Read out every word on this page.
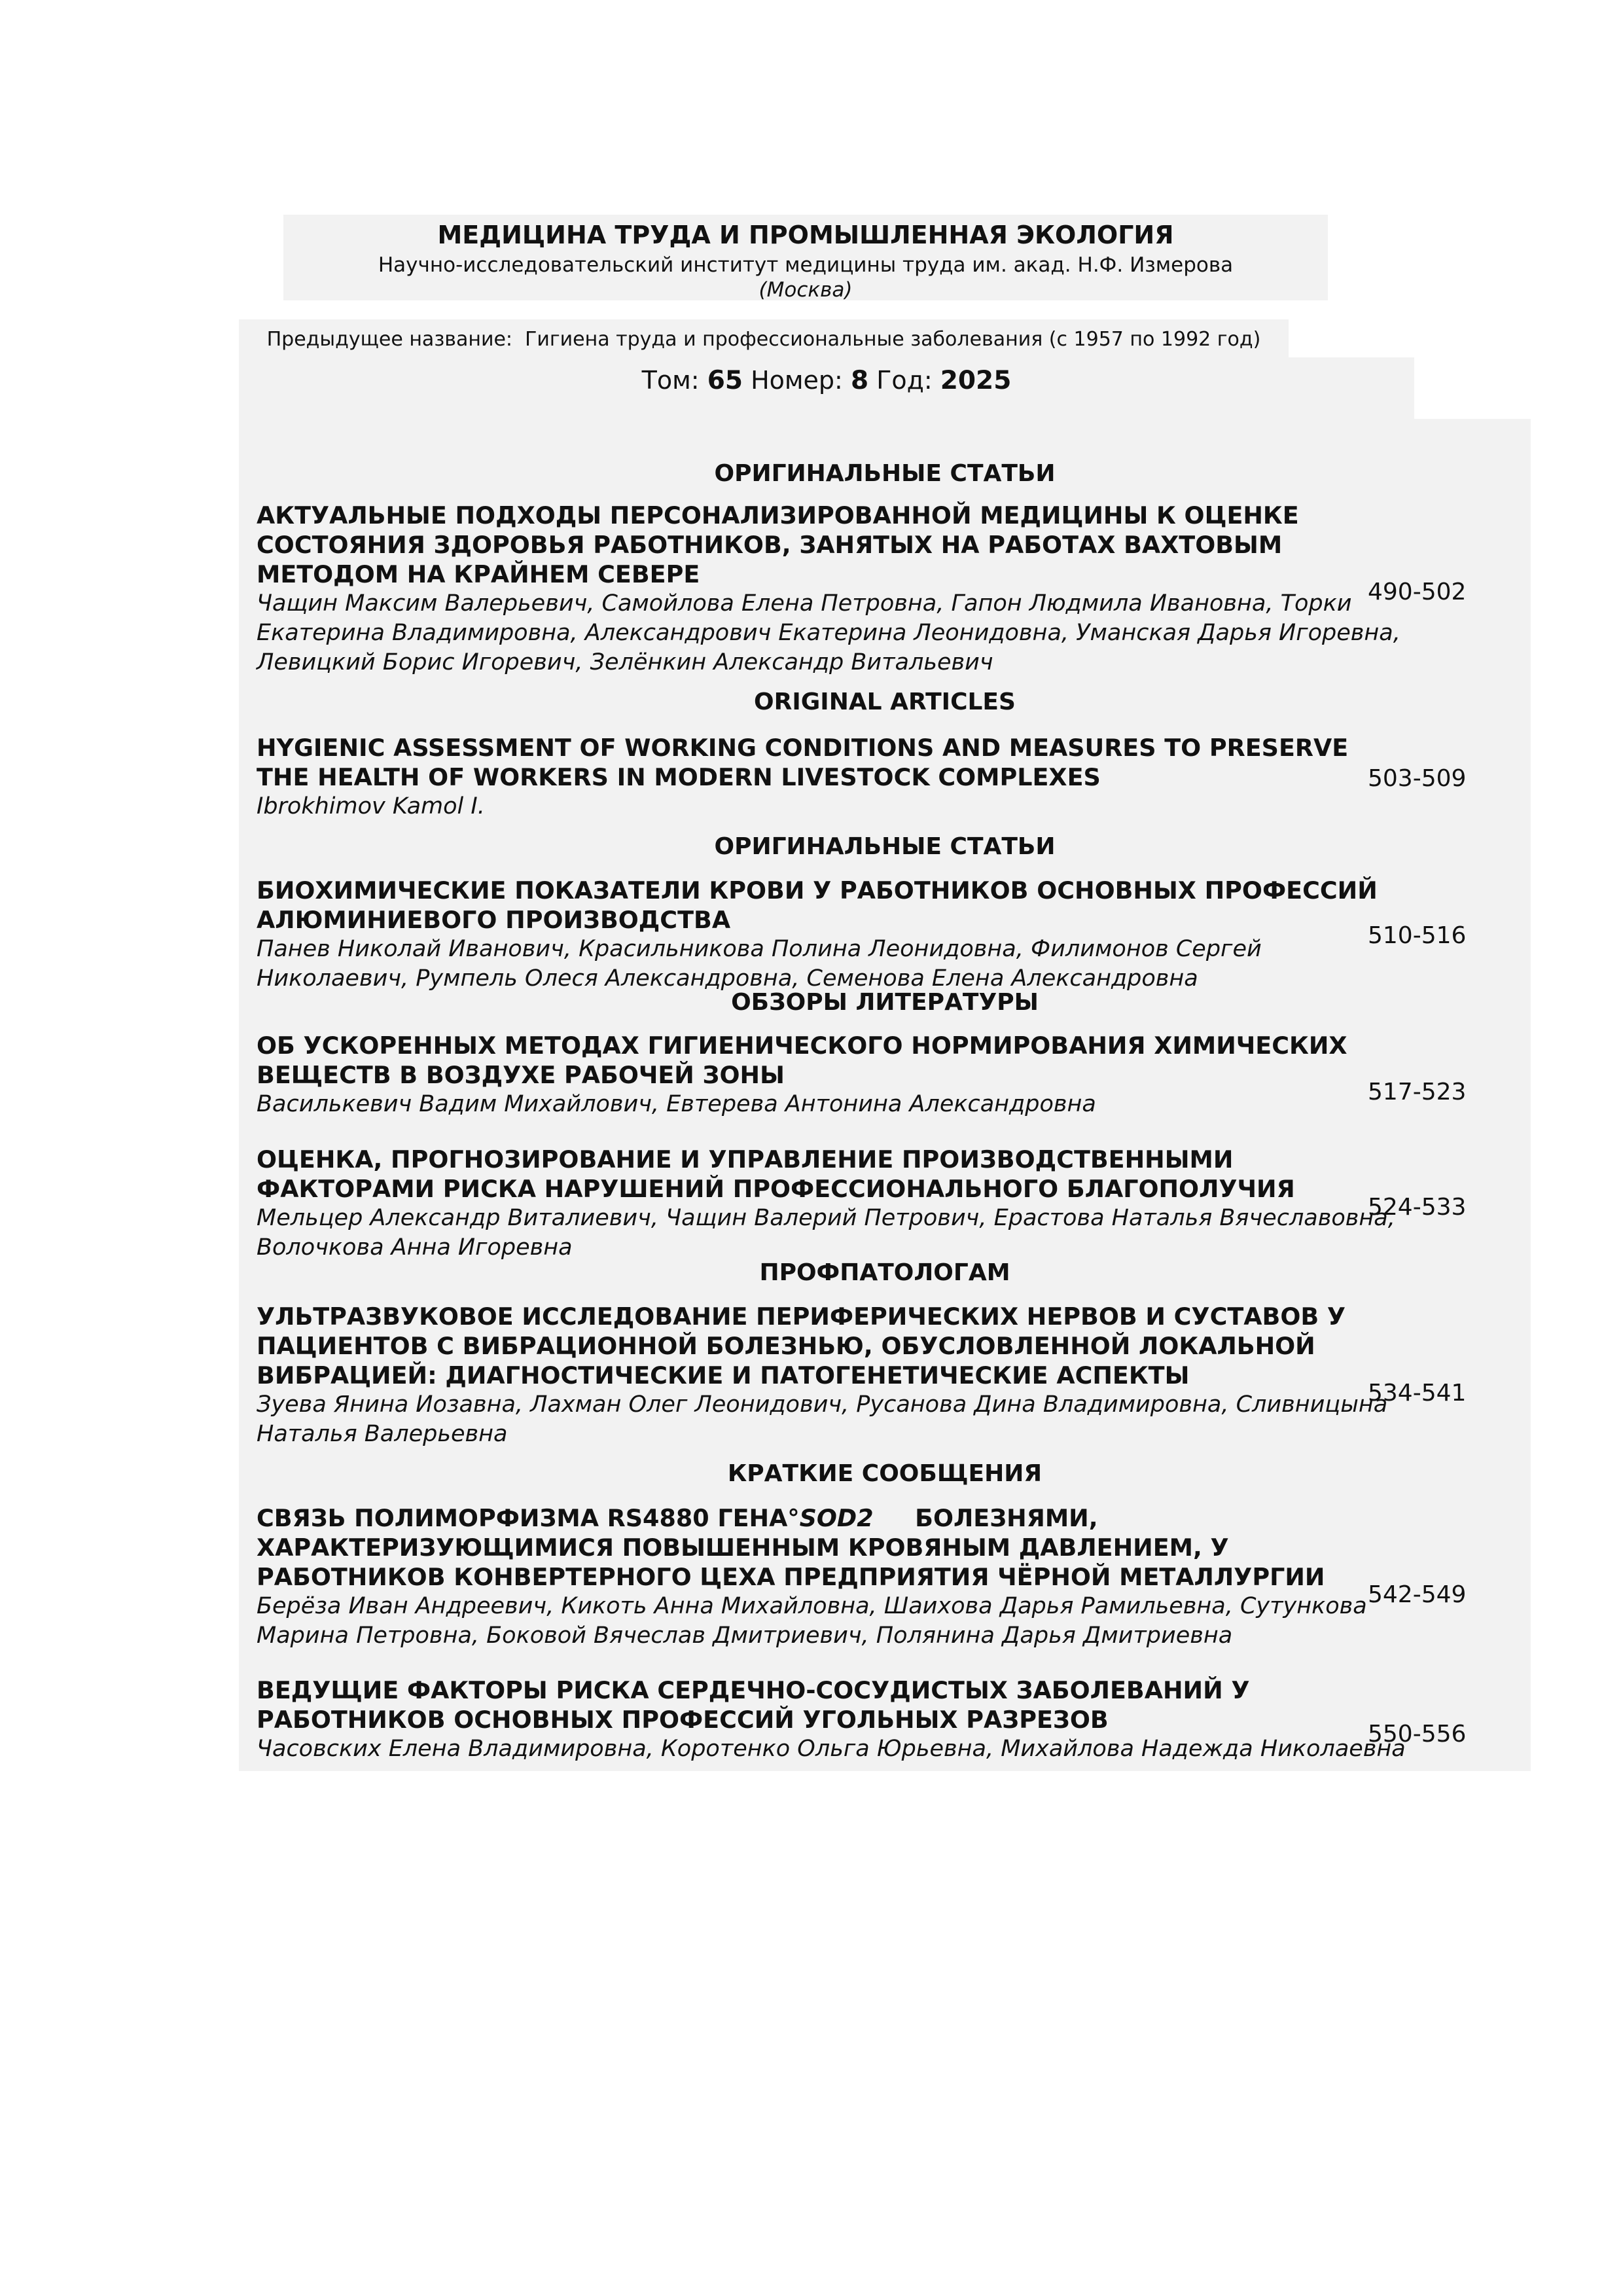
МЕДИЦИНА ТРУДА И ПРОМЫШЛЕННАЯ ЭКОЛОГИЯ
Научно-исследовательский институт медицины труда им. акад. Н.Ф. Измерова
(Москва)
Предыдущее название: Гигиена труда и профессиональные заболевания (с 1957 по 1992 год)
Том: 65 Номер: 8 Год: 2025
ОРИГИНАЛЬНЫЕ СТАТЬИ
АКТУАЛЬНЫЕ ПОДХОДЫ ПЕРСОНАЛИЗИРОВАННОЙ МЕДИЦИНЫ К ОЦЕНКЕ
СОСТОЯНИЯ ЗДОРОВЬЯ РАБОТНИКОВ, ЗАНЯТЫХ НА РАБОТАХ ВАХТОВЫМ
МЕТОДОМ НА КРАЙНЕМ СЕВЕРЕ
Чащин Максим Валерьевич, Самойлова Елена Петровна, Гапон Людмила Ивановна, Торки
Екатерина Владимировна, Александрович Екатерина Леонидовна, Уманская Дарья Игоревна,
Левицкий Борис Игоревич, Зелёнкин Александр Витальевич
490-502
ORIGINAL ARTICLES
HYGIENIC ASSESSMENT OF WORKING CONDITIONS AND MEASURES TO PRESERVE
THE HEALTH OF WORKERS IN MODERN LIVESTOCK COMPLEXES
Ibrokhimov Kamol I.
503-509
ОРИГИНАЛЬНЫЕ СТАТЬИ
БИОХИМИЧЕСКИЕ ПОКАЗАТЕЛИ КРОВИ У РАБОТНИКОВ ОСНОВНЫХ ПРОФЕССИЙ
АЛЮМИНИЕВОГО ПРОИЗВОДСТВА
Панев Николай Иванович, Красильникова Полина Леонидовна, Филимонов Сергей
Николаевич, Румпель Олеся Александровна, Семенова Елена Александровна
510-516
ОБЗОРЫ ЛИТЕРАТУРЫ
ОБ УСКОРЕННЫХ МЕТОДАХ ГИГИЕНИЧЕСКОГО НОРМИРОВАНИЯ ХИМИЧЕСКИХ
ВЕЩЕСТВ В ВОЗДУХЕ РАБОЧЕЙ ЗОНЫ
Василькевич Вадим Михайлович, Евтерева Антонина Александровна	517-523
ОЦЕНКА, ПРОГНОЗИРОВАНИЕ И УПРАВЛЕНИЕ ПРОИЗВОДСТВЕННЫМИ
ФАКТОРАМИ РИСКА НАРУШЕНИЙ ПРОФЕССИОНАЛЬНОГО БЛАГОПОЛУЧИЯ
Мельцер Александр Виталиевич, Чащин Валерий Петрович, Ерастова Наталья Вячеславовна,
Волочкова Анна Игоревна
524-533
ПРОФПАТОЛОГАМ
УЛЬТРАЗВУКОВОЕ ИССЛЕДОВАНИЕ ПЕРИФЕРИЧЕСКИХ НЕРВОВ И СУСТАВОВ У
ПАЦИЕНТОВ С ВИБРАЦИОННОЙ БОЛЕЗНЬЮ, ОБУСЛОВЛЕННОЙ ЛОКАЛЬНОЙ
ВИБРАЦИЕЙ: ДИАГНОСТИЧЕСКИЕ И ПАТОГЕНЕТИЧЕСКИЕ АСПЕКТЫ
Зуева Янина Иозавна, Лахман Олег Леонидович, Русанова Дина Владимировна, Сливницына
Наталья Валерьевна
534-541
КРАТКИЕ СООБЩЕНИЯ
СВЯЗЬ ПОЛИМОРФИЗМА RS4880 ГЕНА°SOD2     БОЛЕЗНЯМИ,
ХАРАКТЕРИЗУЮЩИМИСЯ ПОВЫШЕННЫМ КРОВЯНЫМ ДАВЛЕНИЕМ, У
РАБОТНИКОВ КОНВЕРТЕРНОГО ЦЕХА ПРЕДПРИЯТИЯ ЧЁРНОЙ МЕТАЛЛУРГИИ
Берёза Иван Андреевич, Кикоть Анна Михайловна, Шаихова Дарья Рамильевна, Сутункова
Марина Петровна, Боковой Вячеслав Дмитриевич, Полянина Дарья Дмитриевна
542-549
ВЕДУЩИЕ ФАКТОРЫ РИСКА СЕРДЕЧНО-СОСУДИСТЫХ ЗАБОЛЕВАНИЙ У
РАБОТНИКОВ ОСНОВНЫХ ПРОФЕССИЙ УГОЛЬНЫХ РАЗРЕЗОВ
Часовских Елена Владимировна, Коротенко Ольга Юрьевна, Михайлова Надежда Николаевна
550-556
